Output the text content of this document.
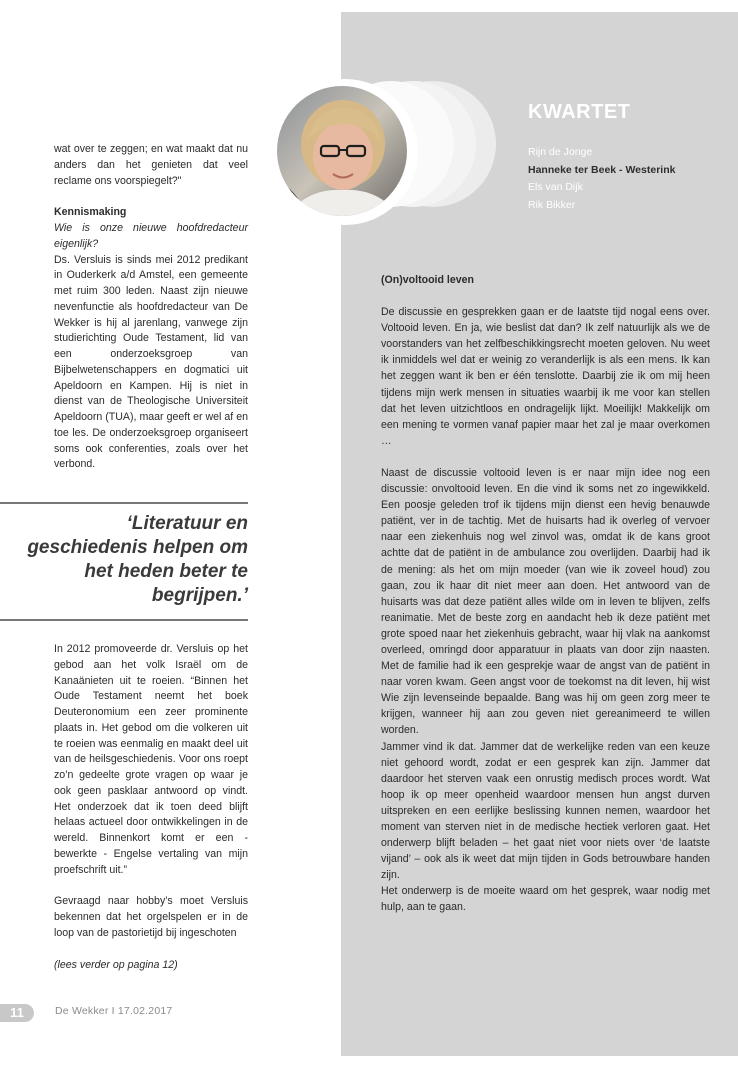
KWARTET
Rijn de Jonge
Hanneke ter Beek - Westerink
Els van Dijk
Rik Bikker

wat over te zeggen; en wat maakt dat nu anders dan het genieten dat veel reclame ons voorspiegelt?"

Kennismaking

Wie is onze nieuwe hoofdredacteur eigenlijk?

Ds. Versluis is sinds mei 2012 predikant in Ouderkerk a/d Amstel, een gemeente met ruim 300 leden. Naast zijn nieuwe nevenfunctie als hoofdredacteur van De Wekker is hij al jarenlang, vanwege zijn studierichting Oude Testament, lid van een onderzoeksgroep van Bijbelwetenschappers en dogmatici uit Apeldoorn en Kampen. Hij is niet in dienst van de Theologische Universiteit Apeldoorn (TUA), maar geeft er wel af en toe les. De onderzoeksgroep organiseert soms ook conferenties, zoals over het verbond.

‘Literatuur en geschiedenis helpen om het heden beter te begrijpen.’

In 2012 promoveerde dr. Versluis op het gebod aan het volk Israël om de Kanaänieten uit te roeien. “Binnen het Oude Testament neemt het boek Deuteronomium een zeer prominente plaats in. Het gebod om die volkeren uit te roeien was eenmalig en maakt deel uit van de heilsgeschiedenis. Voor ons roept zo’n gedeelte grote vragen op waar je ook geen pasklaar antwoord op vindt. Het onderzoek dat ik toen deed blijft helaas actueel door ontwikkelingen in de wereld. Binnenkort komt er een - bewerkte - Engelse vertaling van mijn proefschrift uit.”

Gevraagd naar hobby’s moet Versluis bekennen dat het orgelspelen er in de loop van de pastorietijd bij ingeschoten

(lees verder op pagina 12)

(On)voltooid leven

De discussie en gesprekken gaan er de laatste tijd nogal eens over. Voltooid leven. En ja, wie beslist dat dan? Ik zelf natuurlijk als we de voorstanders van het zelfbeschikkingsrecht moeten geloven. Nu weet ik inmiddels wel dat er weinig zo veranderlijk is als een mens. Ik kan het zeggen want ik ben er één tenslotte. Daarbij zie ik om mij heen tijdens mijn werk mensen in situaties waarbij ik me voor kan stellen dat het leven uitzichtloos en ondragelijk lijkt. Moeilijk! Makkelijk om een mening te vormen vanaf papier maar het zal je maar overkomen …

Naast de discussie voltooid leven is er naar mijn idee nog een discussie: onvoltooid leven. En die vind ik soms net zo ingewikkeld. Een poosje geleden trof ik tijdens mijn dienst een hevig benauwde patiënt, ver in de tachtig. Met de huisarts had ik overleg of vervoer naar een ziekenhuis nog wel zinvol was, omdat ik de kans groot achtte dat de patiënt in de ambulance zou overlijden. Daarbij had ik de mening: als het om mijn moeder (van wie ik zoveel houd) zou gaan, zou ik haar dit niet meer aan doen. Het antwoord van de huisarts was dat deze patiënt alles wilde om in leven te blijven, zelfs reanimatie. Met de beste zorg en aandacht heb ik deze patiënt met grote spoed naar het ziekenhuis gebracht, waar hij vlak na aankomst overleed, omringd door apparatuur in plaats van door zijn naasten. Met de familie had ik een gesprekje waar de angst van de patiënt in naar voren kwam. Geen angst voor de toekomst na dit leven, hij wist Wie zijn levenseinde bepaalde. Bang was hij om geen zorg meer te krijgen, wanneer hij aan zou geven niet gereanimeerd te willen worden.

Jammer vind ik dat. Jammer dat de werkelijke reden van een keuze niet gehoord wordt, zodat er een gesprek kan zijn. Jammer dat daardoor het sterven vaak een onrustig medisch proces wordt. Wat hoop ik op meer openheid waardoor mensen hun angst durven uitspreken en een eerlijke beslissing kunnen nemen, waardoor het moment van sterven niet in de medische hectiek verloren gaat. Het onderwerp blijft beladen – het gaat niet voor niets over ‘de laatste vijand’ – ook als ik weet dat mijn tijden in Gods betrouwbare handen zijn.

Het onderwerp is de moeite waard om het gesprek, waar nodig met hulp, aan te gaan.

11	De Wekker I 17.02.2017
